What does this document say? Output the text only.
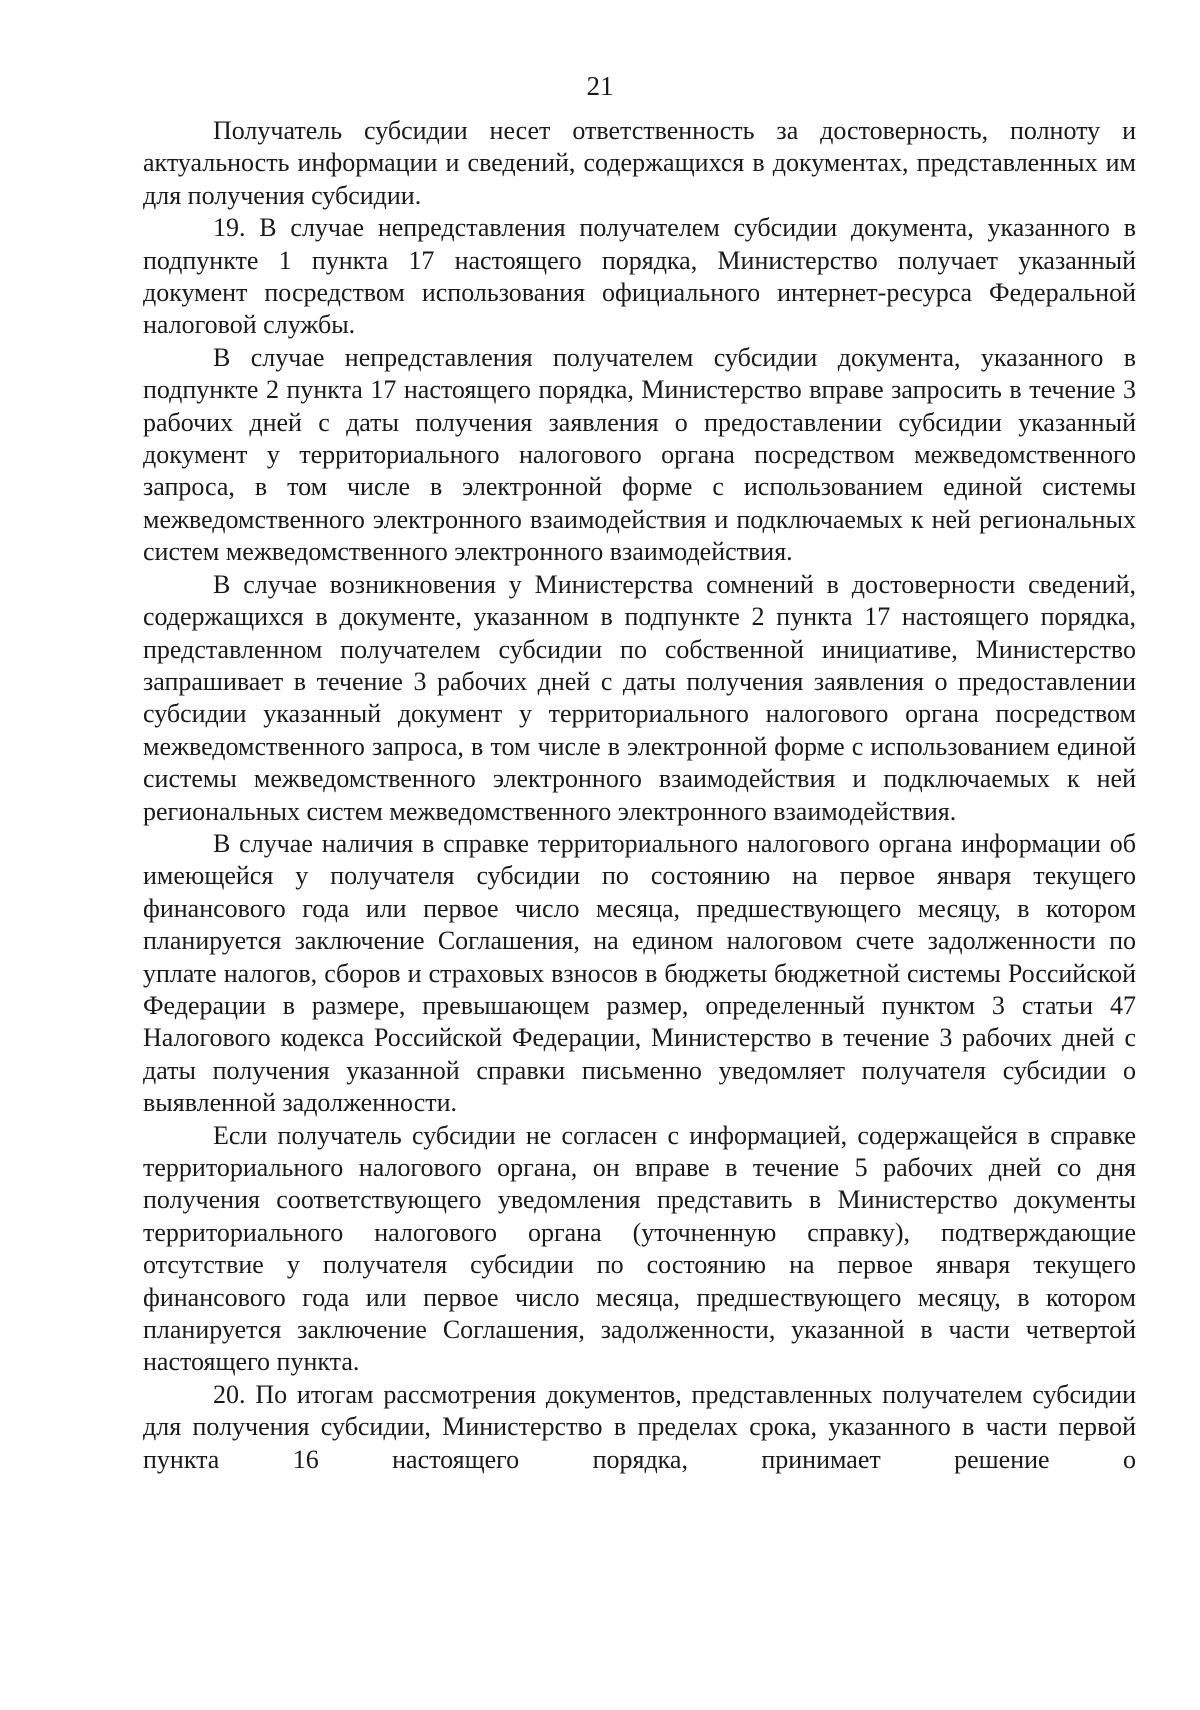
21

Получатель субсидии несет ответственность за достоверность, полноту и актуальность информации и сведений, содержащихся в документах, представленных им для получения субсидии.

19. В случае непредставления получателем субсидии документа, указанного в подпункте 1 пункта 17 настоящего порядка, Министерство получает указанный документ посредством использования официального интернет-ресурса Федеральной налоговой службы.

В случае непредставления получателем субсидии документа, указанного в подпункте 2 пункта 17 настоящего порядка, Министерство вправе запросить в течение 3 рабочих дней с даты получения заявления о предоставлении субсидии указанный документ у территориального налогового органа посредством межведомственного запроса, в том числе в электронной форме с использованием единой системы межведомственного электронного взаимодействия и подключаемых к ней региональных систем межведомственного электронного взаимодействия.

В случае возникновения у Министерства сомнений в достоверности сведений, содержащихся в документе, указанном в подпункте 2 пункта 17 настоящего порядка, представленном получателем субсидии по собственной инициативе, Министерство запрашивает в течение 3 рабочих дней с даты получения заявления о предоставлении субсидии указанный документ у территориального налогового органа посредством межведомственного запроса, в том числе в электронной форме с использованием единой системы межведомственного электронного взаимодействия и подключаемых к ней региональных систем межведомственного электронного взаимодействия.

В случае наличия в справке территориального налогового органа информации об имеющейся у получателя субсидии по состоянию на первое января текущего финансового года или первое число месяца, предшествующего месяцу, в котором планируется заключение Соглашения, на едином налоговом счете задолженности по уплате налогов, сборов и страховых взносов в бюджеты бюджетной системы Российской Федерации в размере, превышающем размер, определенный пунктом 3 статьи 47 Налогового кодекса Российской Федерации, Министерство в течение 3 рабочих дней с даты получения указанной справки письменно уведомляет получателя субсидии о выявленной задолженности.

Если получатель субсидии не согласен с информацией, содержащейся в справке территориального налогового органа, он вправе в течение 5 рабочих дней со дня получения соответствующего уведомления представить в Министерство документы территориального налогового органа (уточненную справку), подтверждающие отсутствие у получателя субсидии по состоянию на первое января текущего финансового года или первое число месяца, предшествующего месяцу, в котором планируется заключение Соглашения, задолженности, указанной в части четвертой настоящего пункта.

20. По итогам рассмотрения документов, представленных получателем субсидии для получения субсидии, Министерство в пределах срока, указанного в части первой пункта 16 настоящего порядка, принимает решение о
